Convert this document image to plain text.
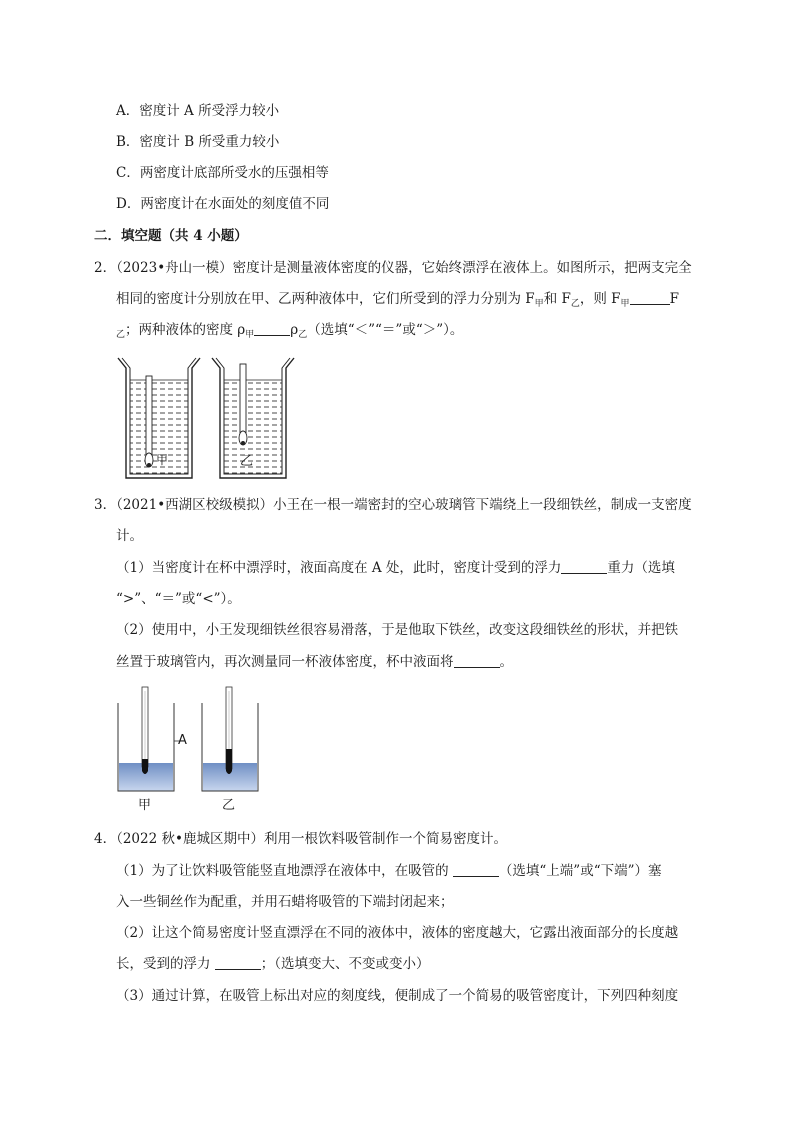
A．密度计 A 所受浮力较小
B．密度计 B 所受重力较小
C．两密度计底部所受水的压强相等
D．两密度计在水面处的刻度值不同
二．填空题（共 4 小题）
2．（2023•舟山一模）密度计是测量液体密度的仪器，它始终漂浮在液体上。如图所示，把两支完全
相同的密度计分别放在甲、乙两种液体中，它们所受到的浮力分别为 $F_甲$和 $F_乙$，则 $F_甲$	F
$_乙$；两种液体的密度 $\rho_甲$	$\rho_乙$（选填“＜”“＝”或“＞”）。
甲	乙
3．（2021•西湖区校级模拟）小王在一根一端密封的空心玻璃管下端绕上一段细铁丝，制成一支密度
计。
（1）当密度计在杯中漂浮时，液面高度在 A 处，此时，密度计受到的浮力	重力（选填
“>”、“＝”或“<”）。
（2）使用中，小王发现细铁丝很容易滑落，于是他取下铁丝，改变这段细铁丝的形状，并把铁
丝置于玻璃管内，再次测量同一杯液体密度，杯中液面将	。
A
甲	乙
4．（2022 秋•鹿城区期中）利用一根饮料吸管制作一个简易密度计。
（1）为了让饮料吸管能竖直地漂浮在液体中，在吸管的	（选填“上端”或“下端”）塞
入一些铜丝作为配重，并用石蜡将吸管的下端封闭起来；
（2）让这个简易密度计竖直漂浮在不同的液体中，液体的密度越大，它露出液面部分的长度越
长，受到的浮力	；（选填变大、不变或变小）
（3）通过计算，在吸管上标出对应的刻度线，便制成了一个简易的吸管密度计，下列四种刻度
